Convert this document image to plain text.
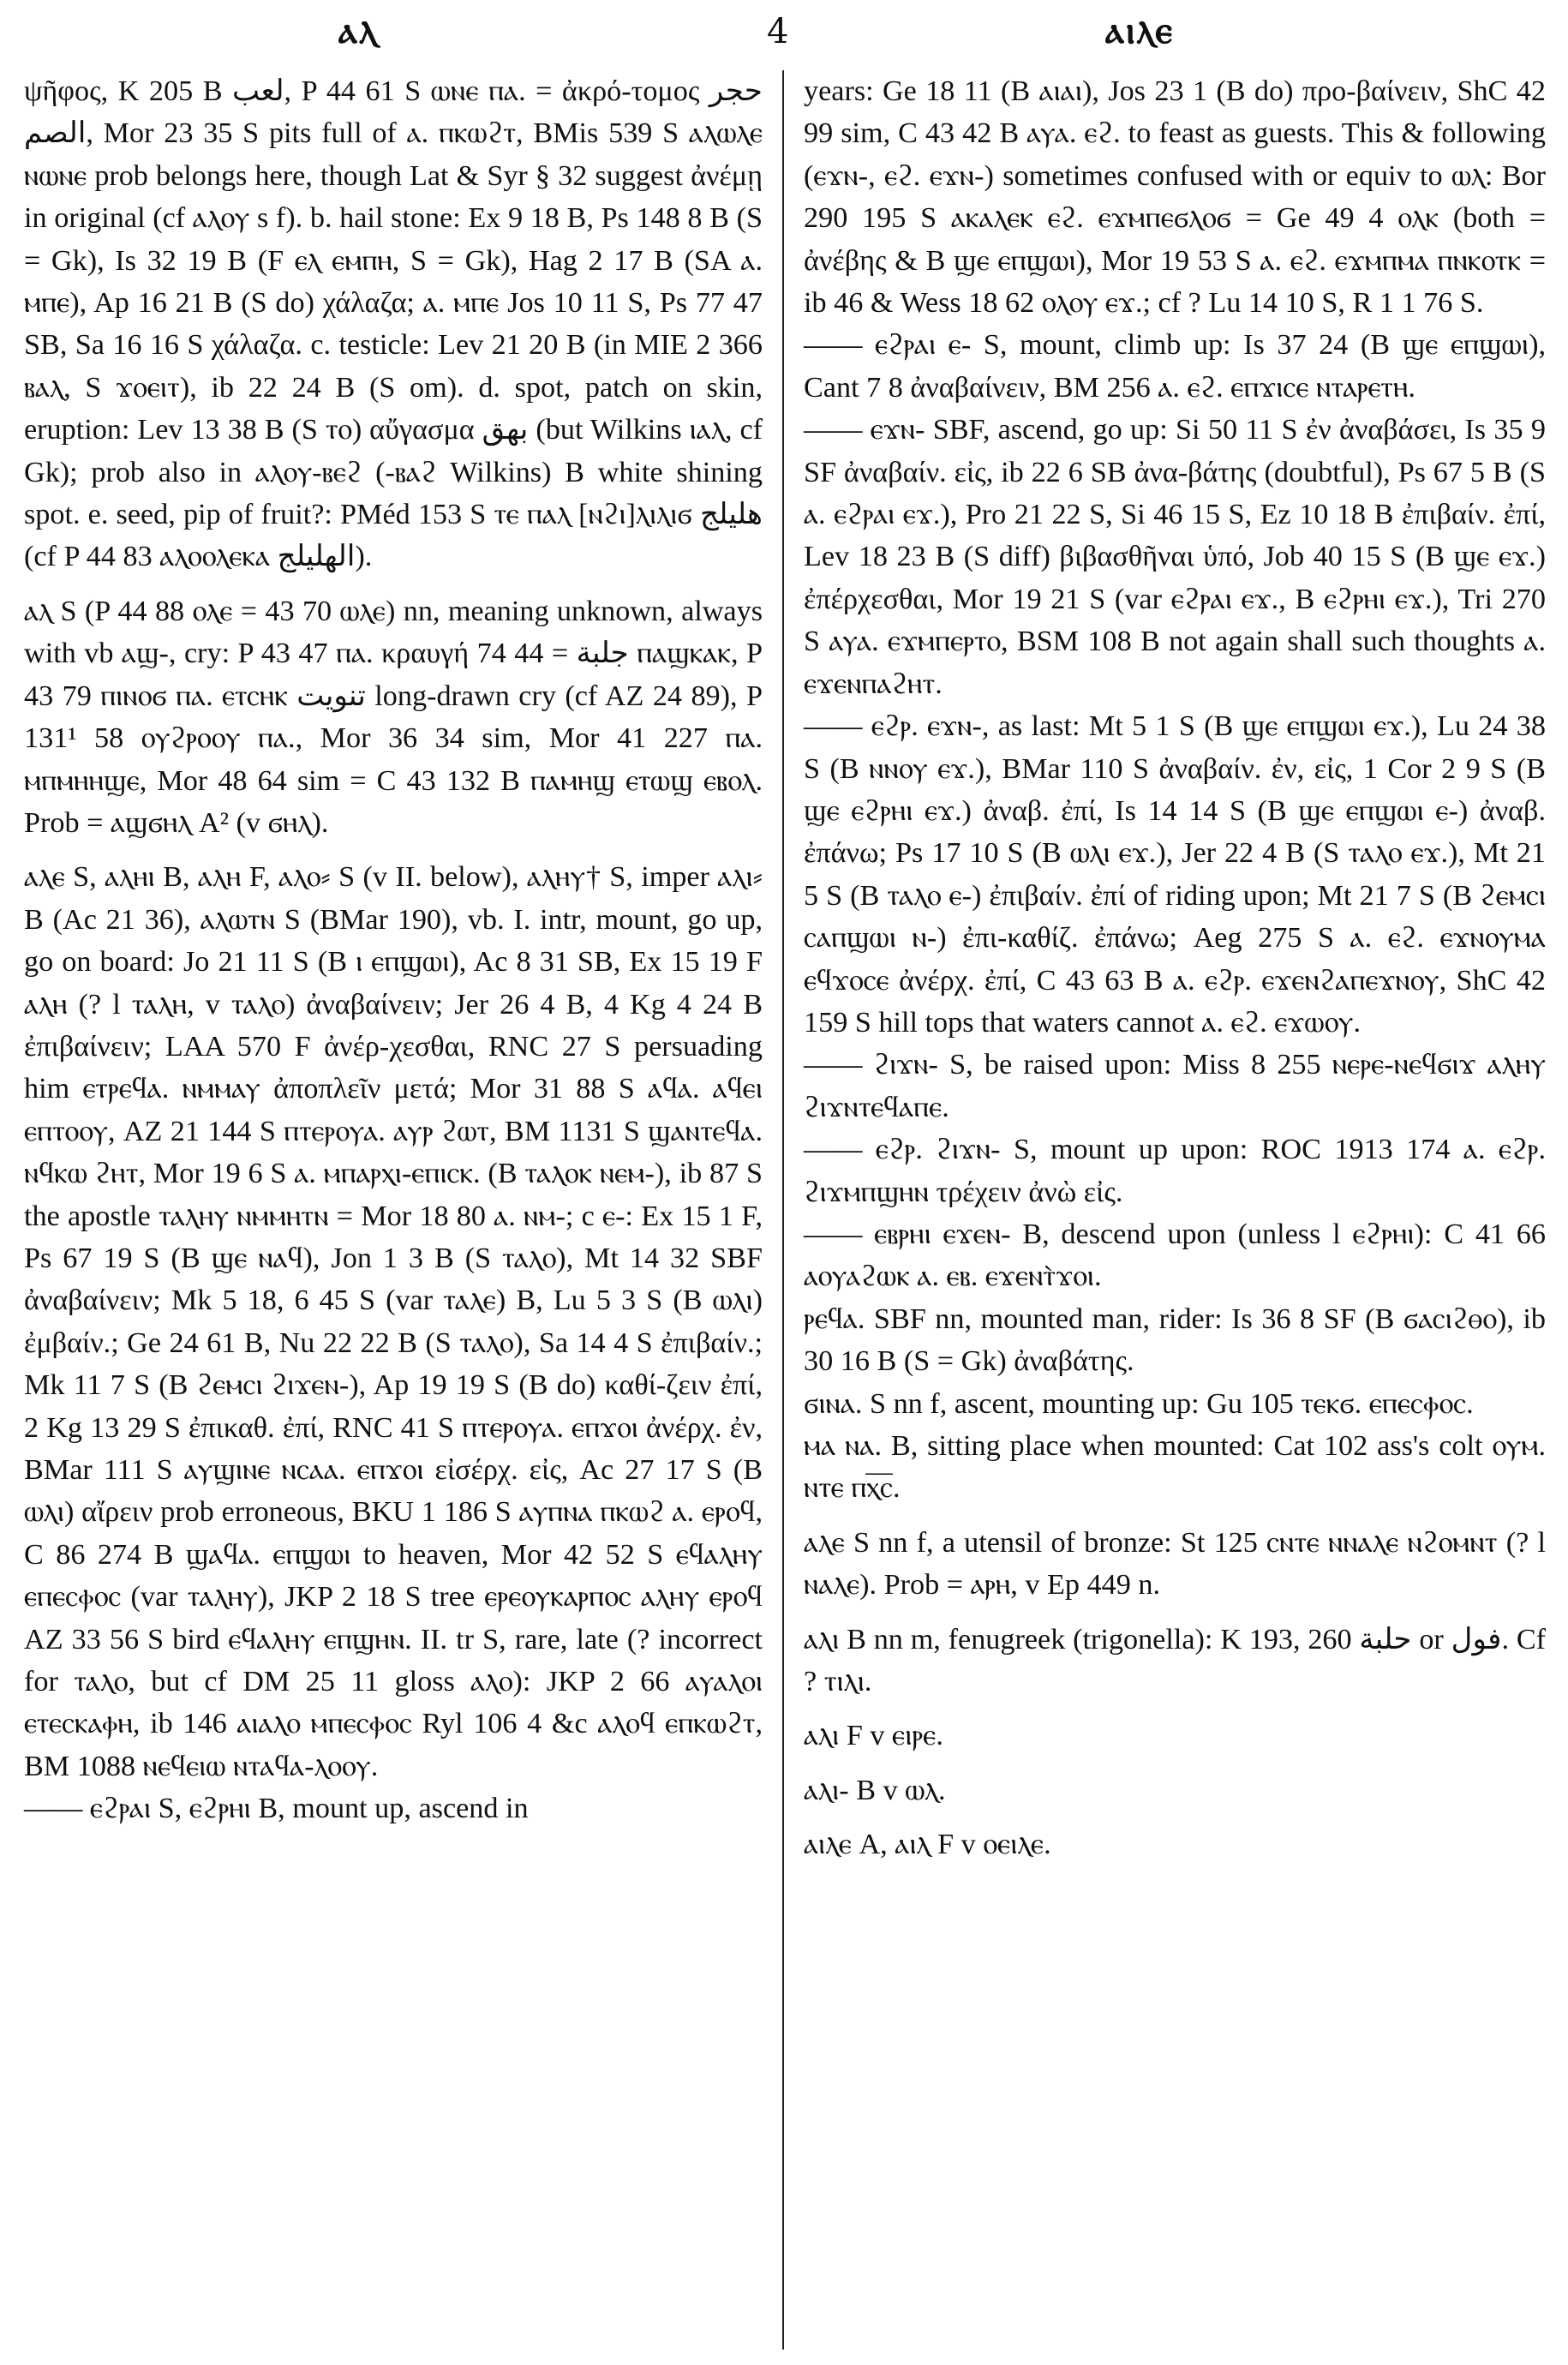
ⲁⲗ	4	ⲁⲓⲗⲉ

ψῆφος, K 205 B لعب, P 44 61 S ⲱⲛⲉ ⲡⲁ. = ἀκρό-τομος حجر الصم, Mor 23 35 S pits full of ⲁ. ⲡⲕⲱϩⲧ, BMis 539 S ⲁⲗⲱⲗⲉ ⲛⲱⲛⲉ prob belongs here, though Lat & Syr § 32 suggest ἀνέμῃ in original (cf ⲁⲗⲟⲩ s f). b. hail stone: Ex 9 18 B, Ps 148 8 B (S = Gk), Is 32 19 B (F ⲉⲗ ⲉⲙⲡⲏ, S = Gk), Hag 2 17 B (SA ⲁ. ⲙⲡⲉ), Ap 16 21 B (S do) χάλαζα; ⲁ. ⲙⲡⲉ Jos 10 11 S, Ps 77 47 SB, Sa 16 16 S χάλαζα. c. testicle: Lev 21 20 B (in MIE 2 366 ⲃⲁⲗ, S ϫⲟⲉⲓⲧ), ib 22 24 B (S om). d. spot, patch on skin, eruption: Lev 13 38 B (S ⲧⲟ) αὔγασμα بهق (but Wilkins ⲓⲁⲗ, cf Gk); prob also in ⲁⲗⲟⲩ-ⲃⲉϩ (-ⲃⲁϩ Wilkins) B white shining spot. e. seed, pip of fruit?: PMéd 153 S ⲧⲉ ⲡⲁⲗ [ⲛϩⲓ]ⲗⲓⲗⲓϭ هليلج (cf P 44 83 ⲁⲗⲟⲟⲗⲉⲕⲁ الهليلج).

ⲁⲗ S (P 44 88 ⲟⲗⲉ = 43 70 ⲱⲗⲉ) nn, meaning unknown, always with vb ⲁϣ-, cry: P 43 47 ⲡⲁ. κραυγή جلبة = 44 74 ⲡⲁϣⲕⲁⲕ, P 43 79 ⲡⲓⲛⲟϭ ⲡⲁ. ⲉⲧⲥⲏⲕ تنويت long-drawn cry (cf AZ 24 89), P 131¹ 58 ⲟⲩϩⲣⲟⲟⲩ ⲡⲁ., Mor 36 34 sim, Mor 41 227 ⲡⲁ. ⲙⲡⲙⲏⲏϣⲉ, Mor 48 64 sim = C 43 132 B ⲡⲁⲙⲏϣ ⲉⲧⲱϣ ⲉⲃⲟⲗ. Prob = ⲁϣϭⲏⲗ A² (v ϭⲏⲗ).

ⲁⲗⲉ S, ⲁⲗⲏⲓ B, ⲁⲗⲏ F, ⲁⲗⲟ⸗ S (v II. below), ⲁⲗⲏⲩ† S, imper ⲁⲗⲓ⸗ B (Ac 21 36), ⲁⲗⲱⲧⲛ S (BMar 190), vb. I. intr, mount, go up, go on board: Jo 21 11 S (B ⲓ ⲉⲡϣⲱⲓ), Ac 8 31 SB, Ex 15 19 F ⲁⲗⲏ (? l ⲧⲁⲗⲏ, v ⲧⲁⲗⲟ) ἀναβαίνειν; Jer 26 4 B, 4 Kg 4 24 B ἐπιβαίνειν; LAA 570 F ἀνέρ-χεσθαι, RNC 27 S persuading him ⲉⲧⲣⲉϥⲁ. ⲛⲙⲙⲁⲩ ἀποπλεῖν μετά; Mor 31 88 S ⲁϥⲁ. ⲁϥⲉⲓ ⲉⲡⲧⲟⲟⲩ, AZ 21 144 S ⲡⲧⲉⲣⲟⲩⲁ. ⲁⲩⲣ ϩⲱⲧ, BM 1131 S ϣⲁⲛⲧⲉϥⲁ. ⲛϥⲕⲱ ϩⲏⲧ, Mor 19 6 S ⲁ. ⲙⲡⲁⲣⲭⲓ-ⲉⲡⲓⲥⲕ. (B ⲧⲁⲗⲟⲕ ⲛⲉⲙ-), ib 87 S the apostle ⲧⲁⲗⲏⲩ ⲛⲙⲙⲏⲧⲛ = Mor 18 80 ⲁ. ⲛⲙ-; c ⲉ-: Ex 15 1 F, Ps 67 19 S (B ϣⲉ ⲛⲁϥ), Jon 1 3 B (S ⲧⲁⲗⲟ), Mt 14 32 SBF ἀναβαίνειν; Mk 5 18, 6 45 S (var ⲧⲁⲗⲉ) B, Lu 5 3 S (B ⲱⲗⲓ) ἐμβαίν.; Ge 24 61 B, Nu 22 22 B (S ⲧⲁⲗⲟ), Sa 14 4 S ἐπιβαίν.; Mk 11 7 S (B ϩⲉⲙⲥⲓ ϩⲓϫⲉⲛ-), Ap 19 19 S (B do) καθί-ζειν ἐπί, 2 Kg 13 29 S ἐπικαθ. ἐπί, RNC 41 S ⲡⲧⲉⲣⲟⲩⲁ. ⲉⲡϫⲟⲓ ἀνέρχ. ἐν, BMar 111 S ⲁⲩϣⲓⲛⲉ ⲛⲥⲁⲁ. ⲉⲡϫⲟⲓ εἰσέρχ. εἰς, Ac 27 17 S (B ⲱⲗⲓ) αἴρειν prob erroneous, BKU 1 186 S ⲁⲩⲡⲛⲁ ⲡⲕⲱϩ ⲁ. ⲉⲣⲟϥ, C 86 274 B ϣⲁϥⲁ. ⲉⲡϣⲱⲓ to heaven, Mor 42 52 S ⲉϥⲁⲗⲏⲩ ⲉⲡⲉⲥⲫⲟⲥ (var ⲧⲁⲗⲏⲩ), JKP 2 18 S tree ⲉⲣⲉⲟⲩⲕⲁⲣⲡⲟⲥ ⲁⲗⲏⲩ ⲉⲣⲟϥ AZ 33 56 S bird ⲉϥⲁⲗⲏⲩ ⲉⲡϣⲏⲛ. II. tr S, rare, late (? incorrect for ⲧⲁⲗⲟ, but cf DM 25 11 gloss ⲁⲗⲟ): JKP 2 66 ⲁⲩⲁⲗⲟⲓ ⲉⲧⲉⲥⲕⲁⲫⲏ, ib 146 ⲁⲓⲁⲗⲟ ⲙⲡⲉⲥⲫⲟⲥ Ryl 106 4 &c ⲁⲗⲟϥ ⲉⲡⲕⲱϩⲧ, BM 1088 ⲛⲉϥⲉⲓⲱ ⲛⲧⲁϥⲁ-ⲗⲟⲟⲩ.

—— ⲉϩⲣⲁⲓ S, ⲉϩⲣⲏⲓ B, mount up, ascend in

years: Ge 18 11 (B ⲁⲓⲁⲓ), Jos 23 1 (B do) προ-βαίνειν, ShC 42 99 sim, C 43 42 B ⲁⲩⲁ. ⲉϩ. to feast as guests. This & following (ⲉϫⲛ-, ⲉϩ. ⲉϫⲛ-) sometimes confused with or equiv to ⲱⲗ: Bor 290 195 S ⲁⲕⲁⲗⲉⲕ ⲉϩ. ⲉϫⲙⲡⲉϭⲗⲟϭ = Ge 49 4 ⲟⲗⲕ (both = ἀνέβης & B ϣⲉ ⲉⲡϣⲱⲓ), Mor 19 53 S ⲁ. ⲉϩ. ⲉϫⲙⲡⲙⲁ ⲡⲛⲕⲟⲧⲕ = ib 46 & Wess 18 62 ⲟⲗⲟⲩ ⲉϫ.; cf ? Lu 14 10 S, R 1 1 76 S.

—— ⲉϩⲣⲁⲓ ⲉ- S, mount, climb up: Is 37 24 (B ϣⲉ ⲉⲡϣⲱⲓ), Cant 7 8 ἀναβαίνειν, BM 256 ⲁ. ⲉϩ. ⲉⲡϫⲓⲥⲉ ⲛⲧⲁⲣⲉⲧⲏ.

—— ⲉϫⲛ- SBF, ascend, go up: Si 50 11 S ἐν ἀναβάσει, Is 35 9 SF ἀναβαίν. εἰς, ib 22 6 SB ἀνα-βάτης (doubtful), Ps 67 5 B (S ⲁ. ⲉϩⲣⲁⲓ ⲉϫ.), Pro 21 22 S, Si 46 15 S, Ez 10 18 B ἐπιβαίν. ἐπί, Lev 18 23 B (S diff) βιβασθῆναι ὑπό, Job 40 15 S (B ϣⲉ ⲉϫ.) ἐπέρχεσθαι, Mor 19 21 S (var ⲉϩⲣⲁⲓ ⲉϫ., B ⲉϩⲣⲏⲓ ⲉϫ.), Tri 270 S ⲁⲩⲁ. ⲉϫⲙⲡⲉⲣⲧⲟ, BSM 108 B not again shall such thoughts ⲁ. ⲉϫⲉⲛⲡⲁϩⲏⲧ.

—— ⲉϩⲣ. ⲉϫⲛ-, as last: Mt 5 1 S (B ϣⲉ ⲉⲡϣⲱⲓ ⲉϫ.), Lu 24 38 S (B ⲛⲛⲟⲩ ⲉϫ.), BMar 110 S ἀναβαίν. ἐν, εἰς, 1 Cor 2 9 S (B ϣⲉ ⲉϩⲣⲏⲓ ⲉϫ.) ἀναβ. ἐπί, Is 14 14 S (B ϣⲉ ⲉⲡϣⲱⲓ ⲉ-) ἀναβ. ἐπάνω; Ps 17 10 S (B ⲱⲗⲓ ⲉϫ.), Jer 22 4 B (S ⲧⲁⲗⲟ ⲉϫ.), Mt 21 5 S (B ⲧⲁⲗⲟ ⲉ-) ἐπιβαίν. ἐπί of riding upon; Mt 21 7 S (B ϩⲉⲙⲥⲓ ⲥⲁⲡϣⲱⲓ ⲛ-) ἐπι-καθίζ. ἐπάνω; Aeg 275 S ⲁ. ⲉϩ. ⲉϫⲛⲟⲩⲙⲁ ⲉϥϫⲟⲥⲉ ἀνέρχ. ἐπί, C 43 63 B ⲁ. ⲉϩⲣ. ⲉϫⲉⲛϩⲁⲡⲉϫⲛⲟⲩ, ShC 42 159 S hill tops that waters cannot ⲁ. ⲉϩ. ⲉϫⲱⲟⲩ.

—— ϩⲓϫⲛ- S, be raised upon: Miss 8 255 ⲛⲉⲣⲉ-ⲛⲉϥϭⲓϫ ⲁⲗⲏⲩ ϩⲓϫⲛⲧⲉϥⲁⲡⲉ.

—— ⲉϩⲣ. ϩⲓϫⲛ- S, mount up upon: ROC 1913 174 ⲁ. ⲉϩⲣ. ϩⲓϫⲙⲡϣⲏⲛ τρέχειν ἀνὼ εἰς.

—— ⲉⲃⲣⲏⲓ ⲉϫⲉⲛ- B, descend upon (unless l ⲉϩⲣⲏⲓ): C 41 66 ⲁⲟⲩⲁϩⲱⲕ ⲁ. ⲉⲃ. ⲉϫⲉⲛⲧ̀ϫⲟⲓ.

ⲣⲉϥⲁ. SBF nn, mounted man, rider: Is 36 8 SF (B ϭⲁⲥⲓϩⲑⲟ), ib 30 16 B (S = Gk) ἀναβάτης.

ϭⲓⲛⲁ. S nn f, ascent, mounting up: Gu 105 ⲧⲉⲕϭ. ⲉⲡⲉⲥⲫⲟⲥ.

ⲙⲁ ⲛⲁ. B, sitting place when mounted: Cat 102 ass's colt ⲟⲩⲙ. ⲛⲧⲉ ⲡⲭ̅ⲥ̅.

ⲁⲗⲉ S nn f, a utensil of bronze: St 125 ⲥⲛⲧⲉ ⲛⲛⲁⲗⲉ ⲛϩⲟⲙⲛⲧ (? l ⲛⲁⲗⲉ). Prob = ⲁⲣⲏ, v Ep 449 n.

ⲁⲗⲓ B nn m, fenugreek (trigonella): K 193, 260 حلبة or فول. Cf ? ⲧⲓⲗⲓ.

ⲁⲗⲓ F v ⲉⲓⲣⲉ.

ⲁⲗⲓ- B v ⲱⲗ.

ⲁⲓⲗⲉ A, ⲁⲓⲗ F v ⲟⲉⲓⲗⲉ.
